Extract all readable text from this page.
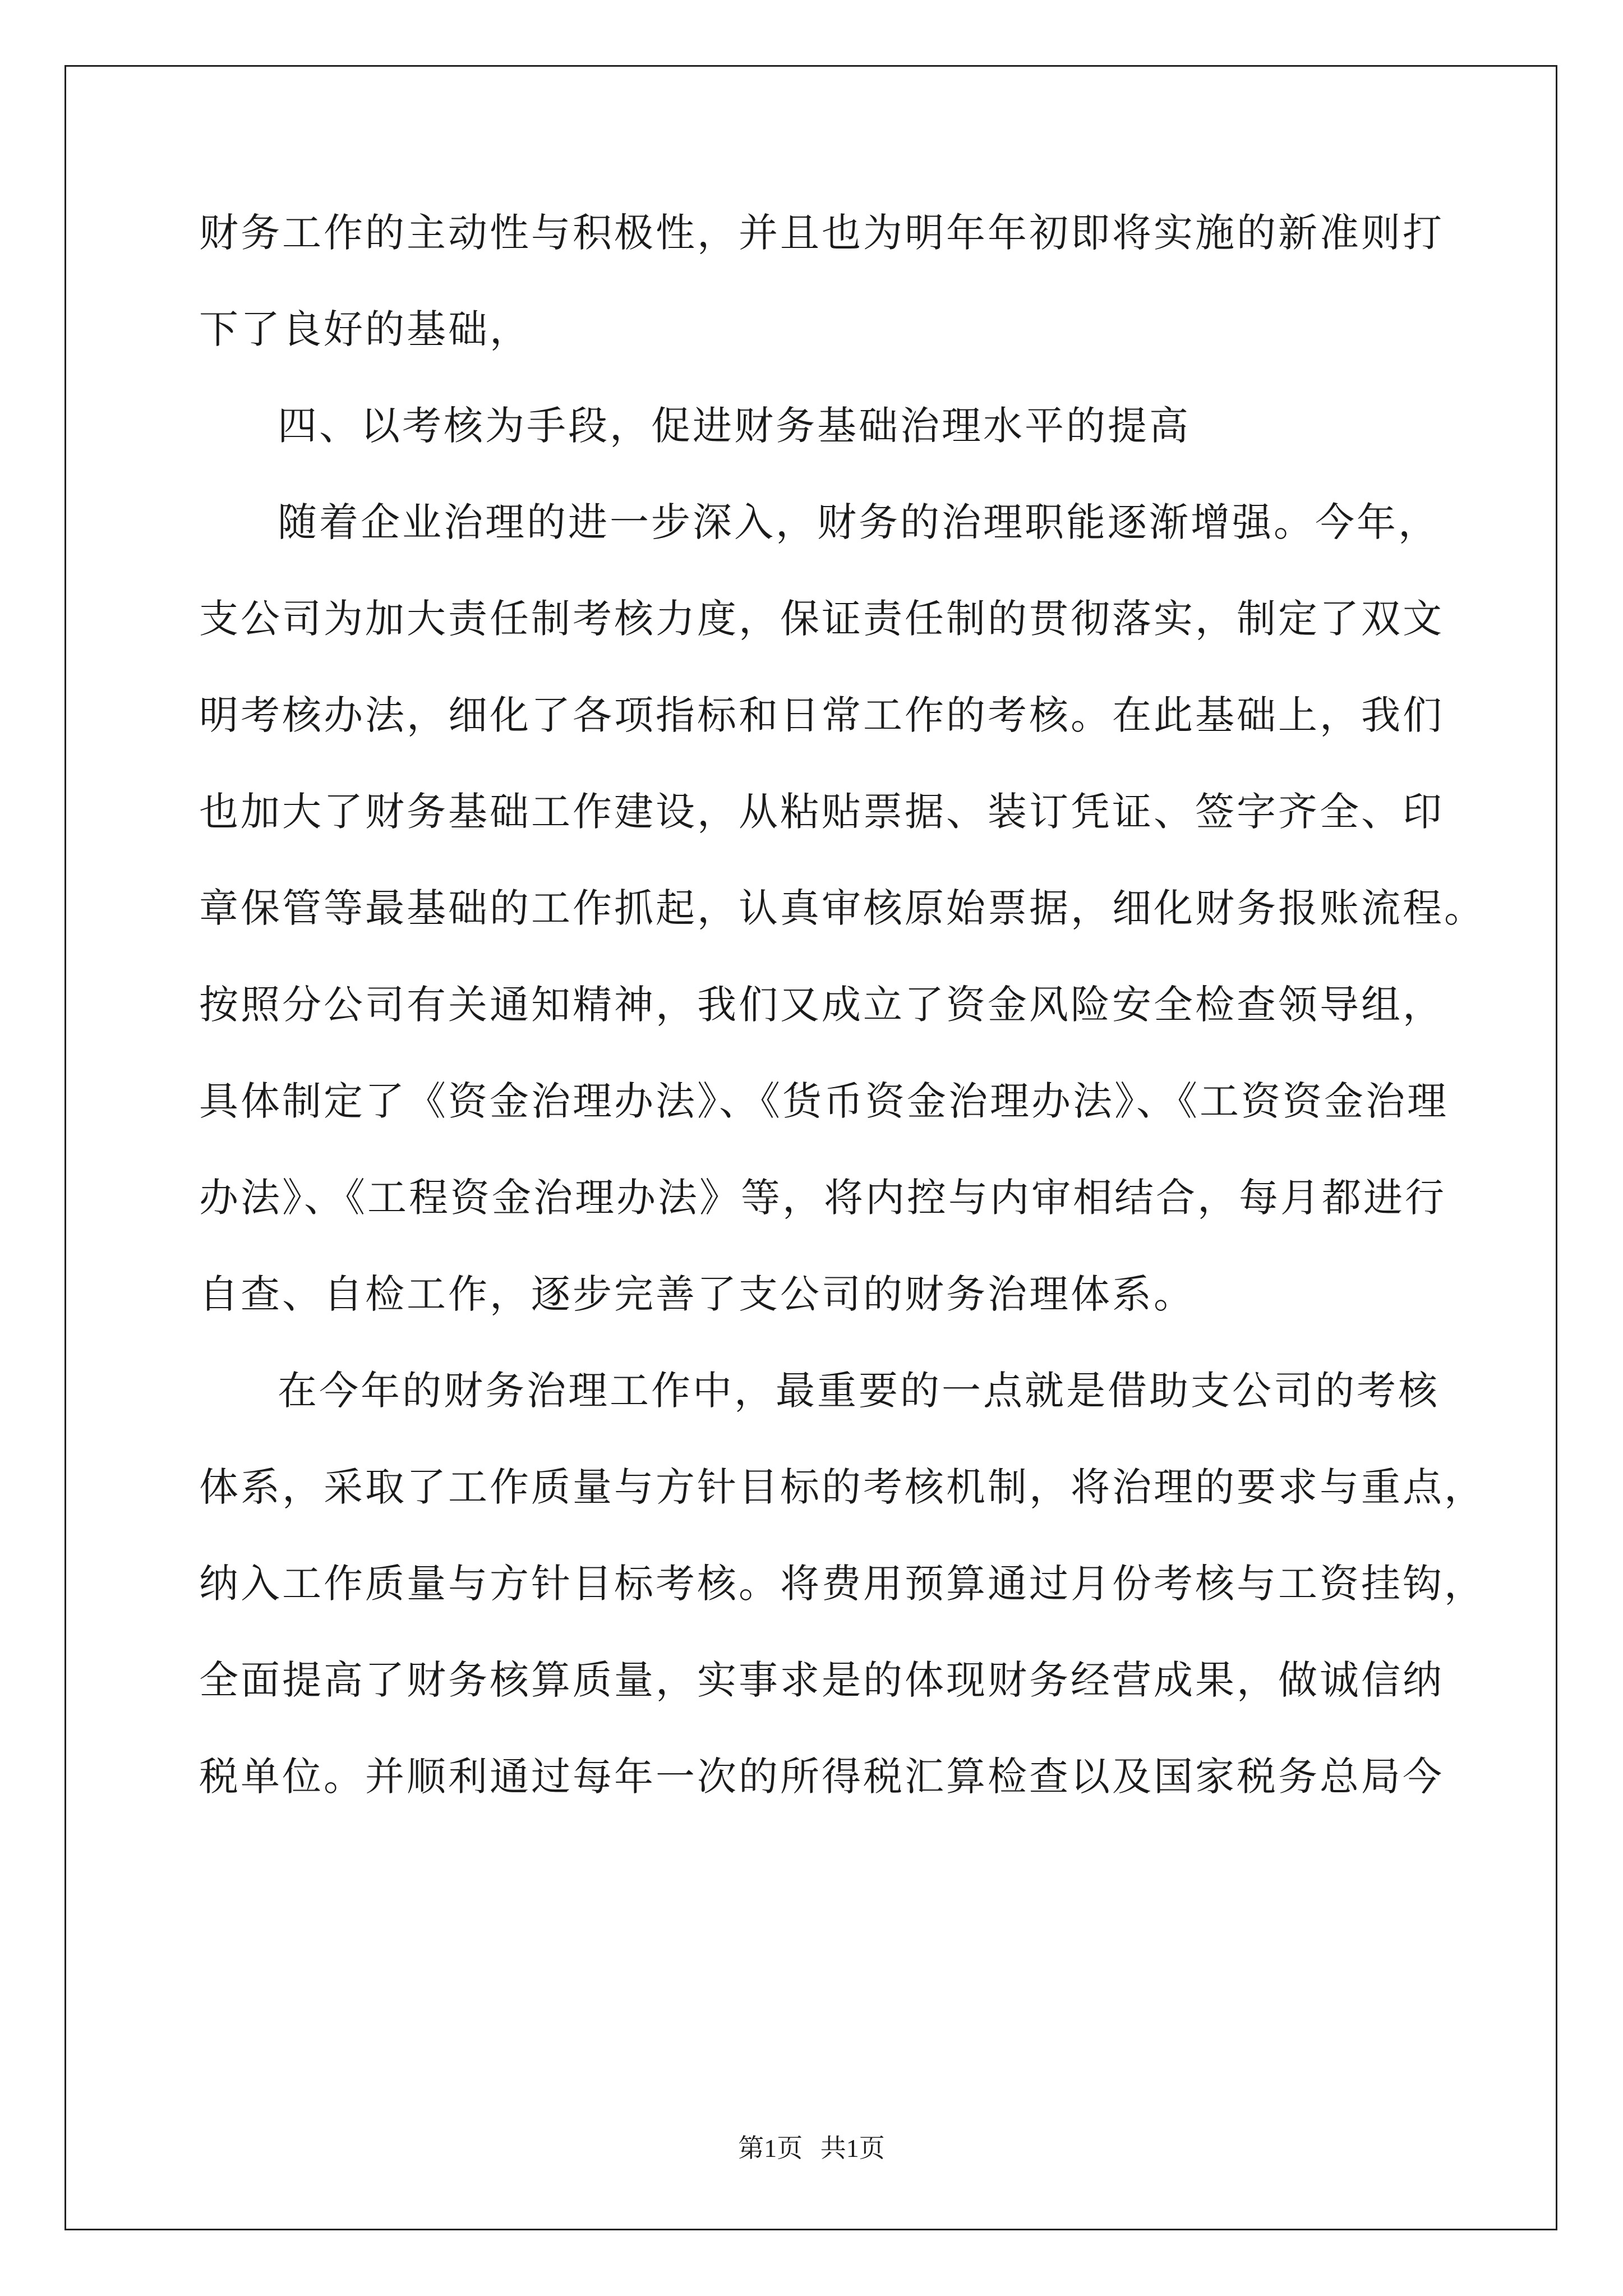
财务工作的主动性与积极性，并且也为明年年初即将实施的新准则打
下了良好的基础，
四、以考核为手段，促进财务基础治理水平的提高
随着企业治理的进一步深入，财务的治理职能逐渐增强。今年，
支公司为加大责任制考核力度，保证责任制的贯彻落实，制定了双文
明考核办法，细化了各项指标和日常工作的考核。在此基础上，我们
也加大了财务基础工作建设，从粘贴票据、装订凭证、签字齐全、印
章保管等最基础的工作抓起，认真审核原始票据，细化财务报账流程。
按照分公司有关通知精神，我们又成立了资金风险安全检查领导组，
具体制定了《资金治理办法》、《货币资金治理办法》、《工资资金治理
办法》、《工程资金治理办法》等，将内控与内审相结合，每月都进行
自查、自检工作，逐步完善了支公司的财务治理体系。
在今年的财务治理工作中，最重要的一点就是借助支公司的考核
体系，采取了工作质量与方针目标的考核机制，将治理的要求与重点，
纳入工作质量与方针目标考核。将费用预算通过月份考核与工资挂钩，
全面提高了财务核算质量，实事求是的体现财务经营成果，做诚信纳
税单位。并顺利通过每年一次的所得税汇算检查以及国家税务总局今
第1页 共1页
